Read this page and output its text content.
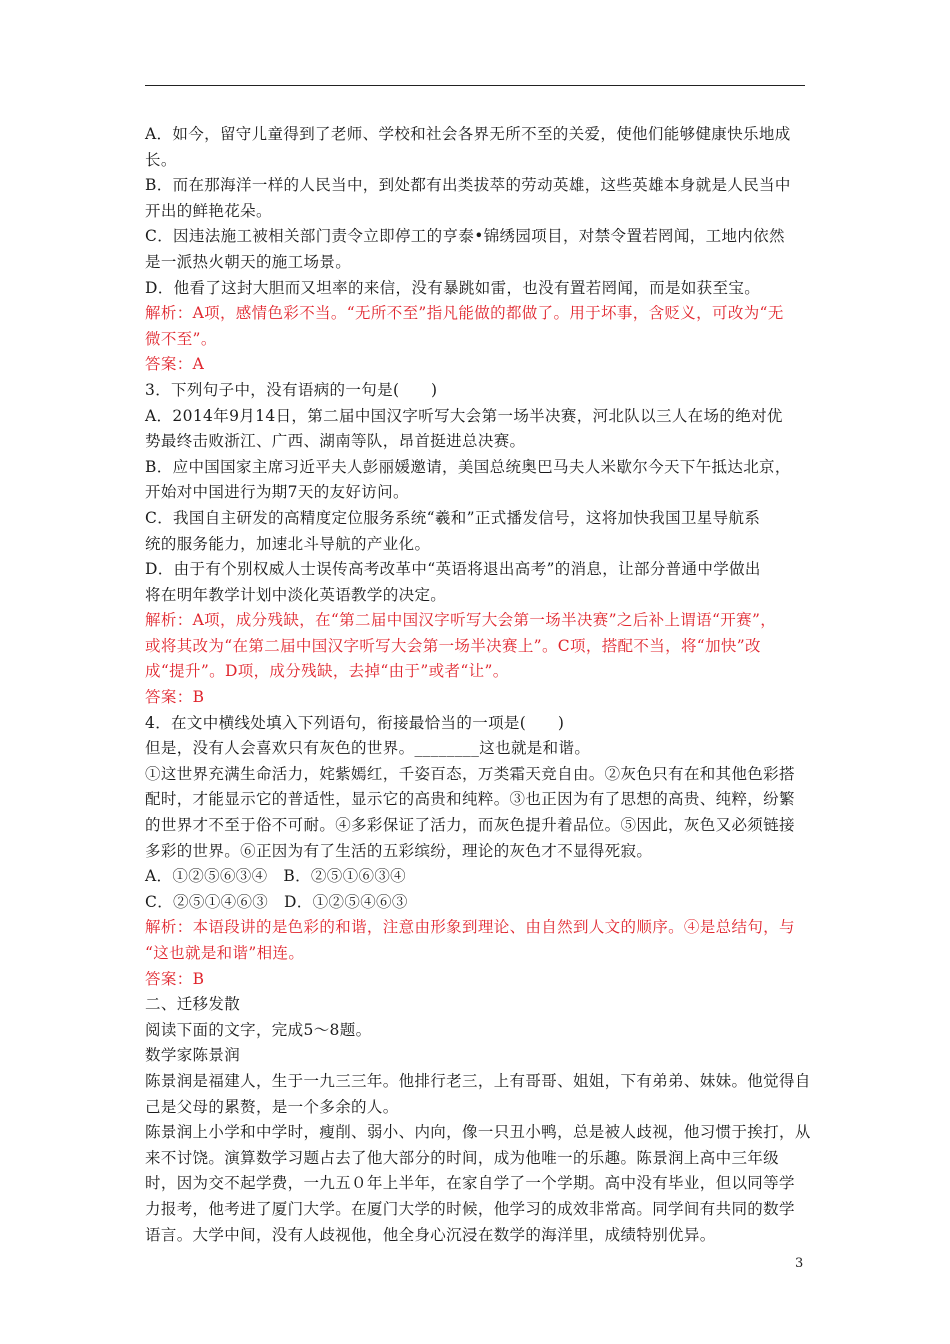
A．如今，留守儿童得到了老师、学校和社会各界无所不至的关爱，使他们能够健康快乐地成
长。
B．而在那海洋一样的人民当中，到处都有出类拔萃的劳动英雄，这些英雄本身就是人民当中
开出的鲜艳花朵。
C．因违法施工被相关部门责令立即停工的亨泰•锦绣园项目，对禁令置若罔闻，工地内依然
是一派热火朝天的施工场景。
D．他看了这封大胆而又坦率的来信，没有暴跳如雷，也没有置若罔闻，而是如获至宝。
解析：A项，感情色彩不当。“无所不至”指凡能做的都做了。用于坏事，含贬义，可改为“无
微不至”。
答案：A
3．下列句子中，没有语病的一句是(　　)
A．2014年9月14日，第二届中国汉字听写大会第一场半决赛，河北队以三人在场的绝对优
势最终击败浙江、广西、湖南等队，昂首挺进总决赛。
B．应中国国家主席习近平夫人彭丽媛邀请，美国总统奥巴马夫人米歇尔今天下午抵达北京，
开始对中国进行为期7天的友好访问。
C．我国自主研发的高精度定位服务系统“羲和”正式播发信号，这将加快我国卫星导航系
统的服务能力，加速北斗导航的产业化。
D．由于有个别权威人士误传高考改革中“英语将退出高考”的消息，让部分普通中学做出
将在明年教学计划中淡化英语教学的决定。
解析：A项，成分残缺，在“第二届中国汉字听写大会第一场半决赛”之后补上谓语“开赛”，
或将其改为“在第二届中国汉字听写大会第一场半决赛上”。C项，搭配不当，将“加快”改
成“提升”。D项，成分残缺，去掉“由于”或者“让”。
答案：B
4．在文中横线处填入下列语句，衔接最恰当的一项是(　　)
但是，没有人会喜欢只有灰色的世界。________这也就是和谐。
①这世界充满生命活力，姹紫嫣红，千姿百态，万类霜天竞自由。②灰色只有在和其他色彩搭
配时，才能显示它的普适性，显示它的高贵和纯粹。③也正因为有了思想的高贵、纯粹，纷繁
的世界才不至于俗不可耐。④多彩保证了活力，而灰色提升着品位。⑤因此，灰色又必须链接
多彩的世界。⑥正因为有了生活的五彩缤纷，理论的灰色才不显得死寂。
A．①②⑤⑥③④　B．②⑤①⑥③④
C．②⑤①④⑥③　D．①②⑤④⑥③
解析：本语段讲的是色彩的和谐，注意由形象到理论、由自然到人文的顺序。④是总结句，与
“这也就是和谐”相连。
答案：B
二、迁移发散
阅读下面的文字，完成5～8题。
数学家陈景润
陈景润是福建人，生于一九三三年。他排行老三，上有哥哥、姐姐，下有弟弟、妹妹。他觉得自
己是父母的累赘，是一个多余的人。
陈景润上小学和中学时，瘦削、弱小、内向，像一只丑小鸭，总是被人歧视，他习惯于挨打，从
来不讨饶。演算数学习题占去了他大部分的时间，成为他唯一的乐趣。陈景润上高中三年级
时，因为交不起学费，一九五０年上半年，在家自学了一个学期。高中没有毕业，但以同等学
力报考，他考进了厦门大学。在厦门大学的时候，他学习的成效非常高。同学间有共同的数学
语言。大学中间，没有人歧视他，他全身心沉浸在数学的海洋里，成绩特别优异。
3
